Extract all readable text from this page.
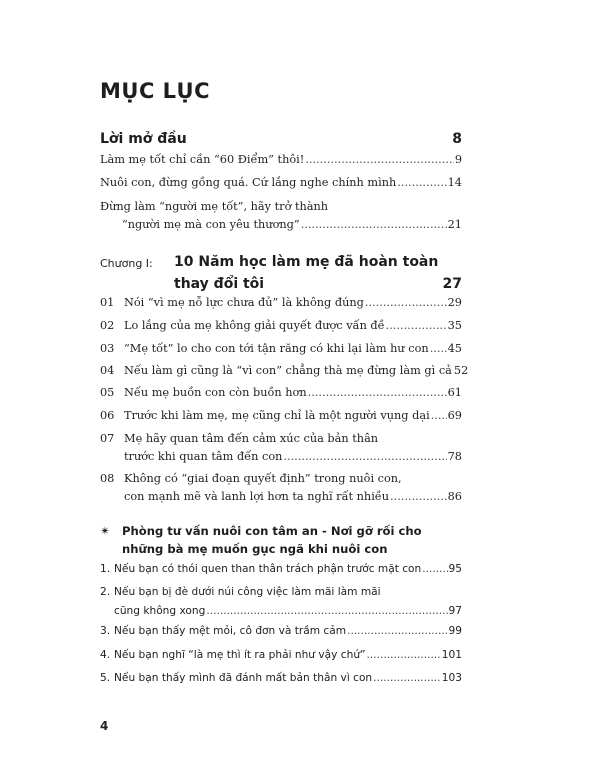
MỤC LỤC
Lời mở đầu	8
Làm mẹ tốt chỉ cần “60 Điểm” thôi! .....	9
Nuôi con, đừng gồng quá. Cứ lắng nghe chính mình .....	14
Đừng làm “người mẹ tốt”, hãy trở thành
“người mẹ mà con yêu thương” .....	21
Chương I: 10 Năm học làm mẹ đã hoàn toàn
thay đổi tôi	27
01 Nói “vì mẹ nỗ lực chưa đủ” là không đúng .....	29
02 Lo lắng của mẹ không giải quyết được vấn đề .....	35
03 “Mẹ tốt” lo cho con tới tận răng có khi lại làm hư con ..... 45
04 Nếu làm gì cũng là “vì con” chẳng thà mẹ đừng làm gì cả 52
05 Nếu mẹ buồn con còn buồn hơn .....	61
06 Trước khi làm mẹ, mẹ cũng chỉ là một người vụng dại ..... 69
07 Mẹ hãy quan tâm đến cảm xúc của bản thân
trước khi quan tâm đến con .....	78
08 Không có “giai đoạn quyết định” trong nuôi con,
con mạnh mẽ và lanh lợi hơn ta nghĩ rất nhiều .....	86
✴ Phòng tư vấn nuôi con tâm an - Nơi gỡ rối cho
những bà mẹ muốn gục ngã khi nuôi con
1. Nếu bạn có thói quen than thân trách phận trước mặt con .....	95
2. Nếu bạn bị đè dưới núi công việc làm mãi làm mãi
cũng không xong .....	97
3. Nếu bạn thấy mệt mỏi, cô đơn và trầm cảm .....	99
4. Nếu bạn nghĩ “là mẹ thì ít ra phải như vậy chứ” .....	101
5. Nếu bạn thấy mình đã đánh mất bản thân vì con .....	103
4
